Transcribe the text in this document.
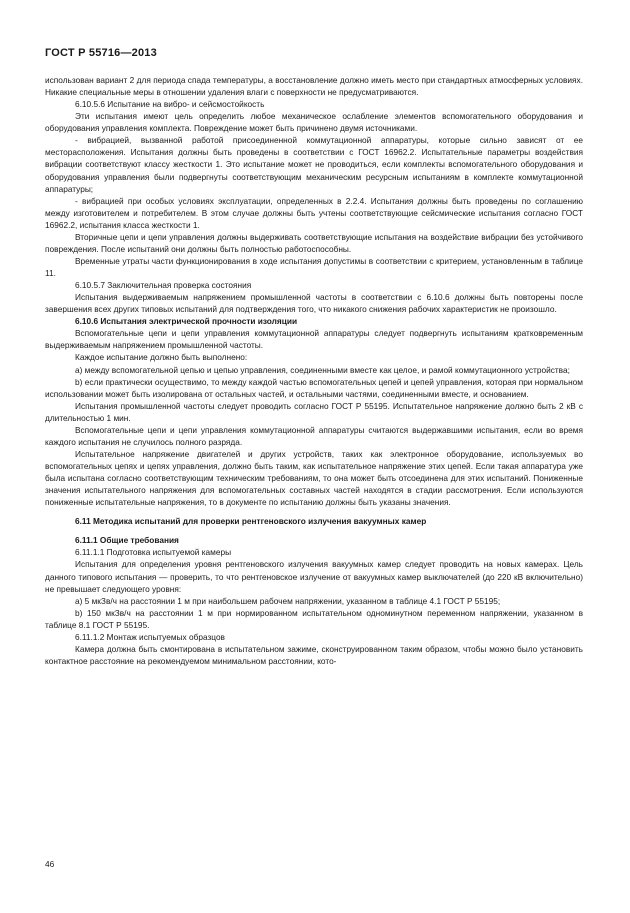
ГОСТ Р 55716—2013

использован вариант 2 для периода спада температуры, а восстановление должно иметь место при стандартных атмосферных условиях. Никакие специальные меры в отношении удаления влаги с поверхности не предусматриваются.

6.10.5.6 Испытание на вибро- и сейсмостойкость

Эти испытания имеют цель определить любое механическое ослабление элементов вспомогательного оборудования и оборудования управления комплекта. Повреждение может быть причинено двумя источниками.

- вибрацией, вызванной работой присоединенной коммутационной аппаратуры, которые сильно зависят от ее месторасположения. Испытания должны быть проведены в соответствии с ГОСТ 16962.2. Испытательные параметры воздействия вибрации соответствуют классу жесткости 1. Это испытание может не проводиться, если комплекты вспомогательного оборудования и оборудования управления были подвергнуты соответствующим механическим ресурсным испытаниям в комплекте коммутационной аппаратуры;

- вибрацией при особых условиях эксплуатации, определенных в 2.2.4. Испытания должны быть проведены по соглашению между изготовителем и потребителем. В этом случае должны быть учтены соответствующие сейсмические испытания согласно ГОСТ 16962.2, испытания класса жесткости 1.

Вторичные цепи и цепи управления должны выдерживать соответствующие испытания на воздействие вибрации без устойчивого повреждения. После испытаний они должны быть полностью работоспособны.

Временные утраты части функционирования в ходе испытания допустимы в соответствии с критерием, установленным в таблице 11.

6.10.5.7 Заключительная проверка состояния

Испытания выдерживаемым напряжением промышленной частоты в соответствии с 6.10.6 должны быть повторены после завершения всех других типовых испытаний для подтверждения того, что никакого снижения рабочих характеристик не произошло.

6.10.6 Испытания электрической прочности изоляции

Вспомогательные цепи и цепи управления коммутационной аппаратуры следует подвергнуть испытаниям кратковременным выдерживаемым напряжением промышленной частоты.

Каждое испытание должно быть выполнено:

a) между вспомогательной цепью и цепью управления, соединенными вместе как целое, и рамой коммутационного устройства;

b) если практически осуществимо, то между каждой частью вспомогательных цепей и цепей управления, которая при нормальном использовании может быть изолирована от остальных частей, и остальными частями, соединенными вместе, и основанием.

Испытания промышленной частоты следует проводить согласно ГОСТ Р 55195. Испытательное напряжение должно быть 2 кВ с длительностью 1 мин.

Вспомогательные цепи и цепи управления коммутационной аппаратуры считаются выдержавшими испытания, если во время каждого испытания не случилось полного разряда.

Испытательное напряжение двигателей и других устройств, таких как электронное оборудование, используемых во вспомогательных цепях и цепях управления, должно быть таким, как испытательное напряжение этих цепей. Если такая аппаратура уже была испытана согласно соответствующим техническим требованиям, то она может быть отсоединена для этих испытаний. Пониженные значения испытательного напряжения для вспомогательных составных частей находятся в стадии рассмотрения. Если используются пониженные испытательные напряжения, то в документе по испытанию должны быть указаны значения.

6.11 Методика испытаний для проверки рентгеновского излучения вакуумных камер

6.11.1 Общие требования

6.11.1.1 Подготовка испытуемой камеры

Испытания для определения уровня рентгеновского излучения вакуумных камер следует проводить на новых камерах. Цель данного типового испытания — проверить, то что рентгеновское излучение от вакуумных камер выключателей (до 220 кВ включительно) не превышает следующего уровня:

a) 5 мкЗв/ч на расстоянии 1 м при наибольшем рабочем напряжении, указанном в таблице 4.1 ГОСТ Р 55195;

b) 150 мкЗв/ч на расстоянии 1 м при нормированном испытательном одноминутном переменном напряжении, указанном в таблице 8.1 ГОСТ Р 55195.

6.11.1.2 Монтаж испытуемых образцов

Камера должна быть смонтирована в испытательном зажиме, сконструированном таким образом, чтобы можно было установить контактное расстояние на рекомендуемом минимальном расстоянии, кото-

46
